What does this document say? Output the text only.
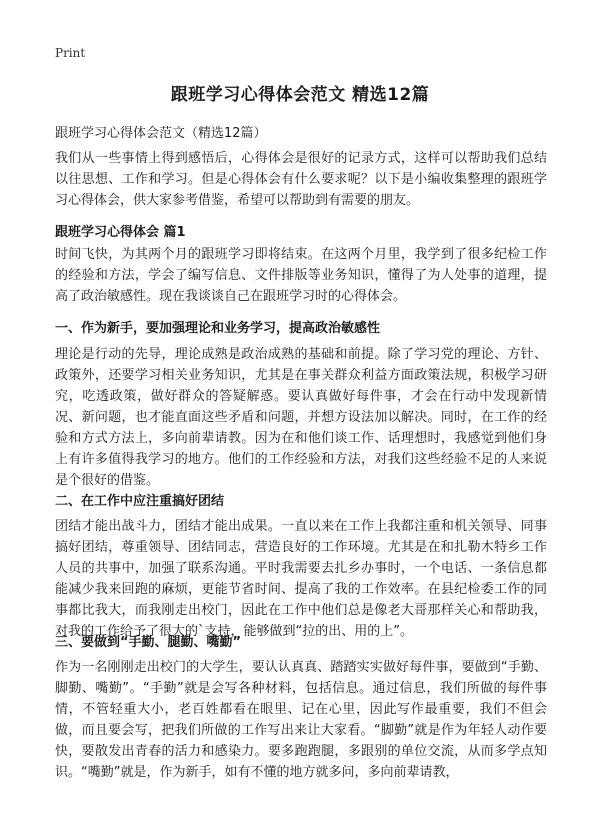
Print
跟班学习心得体会范文 精选12篇
跟班学习心得体会范文（精选12篇）
我们从一些事情上得到感悟后，心得体会是很好的记录方式，这样可以帮助我们总结以往思想、工作和学习。但是心得体会有什么要求呢？以下是小编收集整理的跟班学习心得体会，供大家参考借鉴，希望可以帮助到有需要的朋友。
跟班学习心得体会 篇1
时间飞快，为其两个月的跟班学习即将结束。在这两个月里，我学到了很多纪检工作的经验和方法，学会了编写信息、文件排版等业务知识，懂得了为人处事的道理，提高了政治敏感性。现在我谈谈自己在跟班学习时的心得体会。
一、作为新手，要加强理论和业务学习，提高政治敏感性
理论是行动的先导，理论成熟是政治成熟的基础和前提。除了学习党的理论、方针、政策外，还要学习相关业务知识，尤其是在事关群众利益方面政策法规，积极学习研究，吃透政策，做好群众的答疑解惑。要认真做好每件事，才会在行动中发现新情况、新问题，也才能直面这些矛盾和问题，并想方设法加以解决。同时，在工作的经验和方式方法上，多向前辈请教。因为在和他们谈工作、话理想时，我感觉到他们身上有许多值得我学习的地方。他们的工作经验和方法，对我们这些经验不足的人来说是个很好的借鉴。
二、在工作中应注重搞好团结
团结才能出战斗力，团结才能出成果。一直以来在工作上我都注重和机关领导、同事搞好团结，尊重领导、团结同志，营造良好的工作环境。尤其是在和扎勒木特乡工作人员的共事中，加强了联系沟通。平时我需要去扎乡办事时，一个电话、一条信息都能减少我来回跑的麻烦，更能节省时间、提高了我的工作效率。在县纪检委工作的同事都比我大，而我刚走出校门，因此在工作中他们总是像老大哥那样关心和帮助我，对我的工作给予了很大的`支持，能够做到“拉的出、用的上”。
三、要做到“手勤、腿勤、嘴勤”
作为一名刚刚走出校门的大学生，要认认真真、踏踏实实做好每件事，要做到“手勤、脚勤、嘴勤”。“手勤”就是会写各种材料，包括信息。通过信息，我们所做的每件事情，不管轻重大小，老百姓都看在眼里、记在心里，因此写作最重要，我们不但会做，而且要会写，把我们所做的工作写出来让大家看。“脚勤”就是作为年轻人动作要快，要散发出青春的活力和感染力。要多跑跑腿，多跟别的单位交流，从而多学点知识。“嘴勤”就是，作为新手，如有不懂的地方就多问，多向前辈请教，
